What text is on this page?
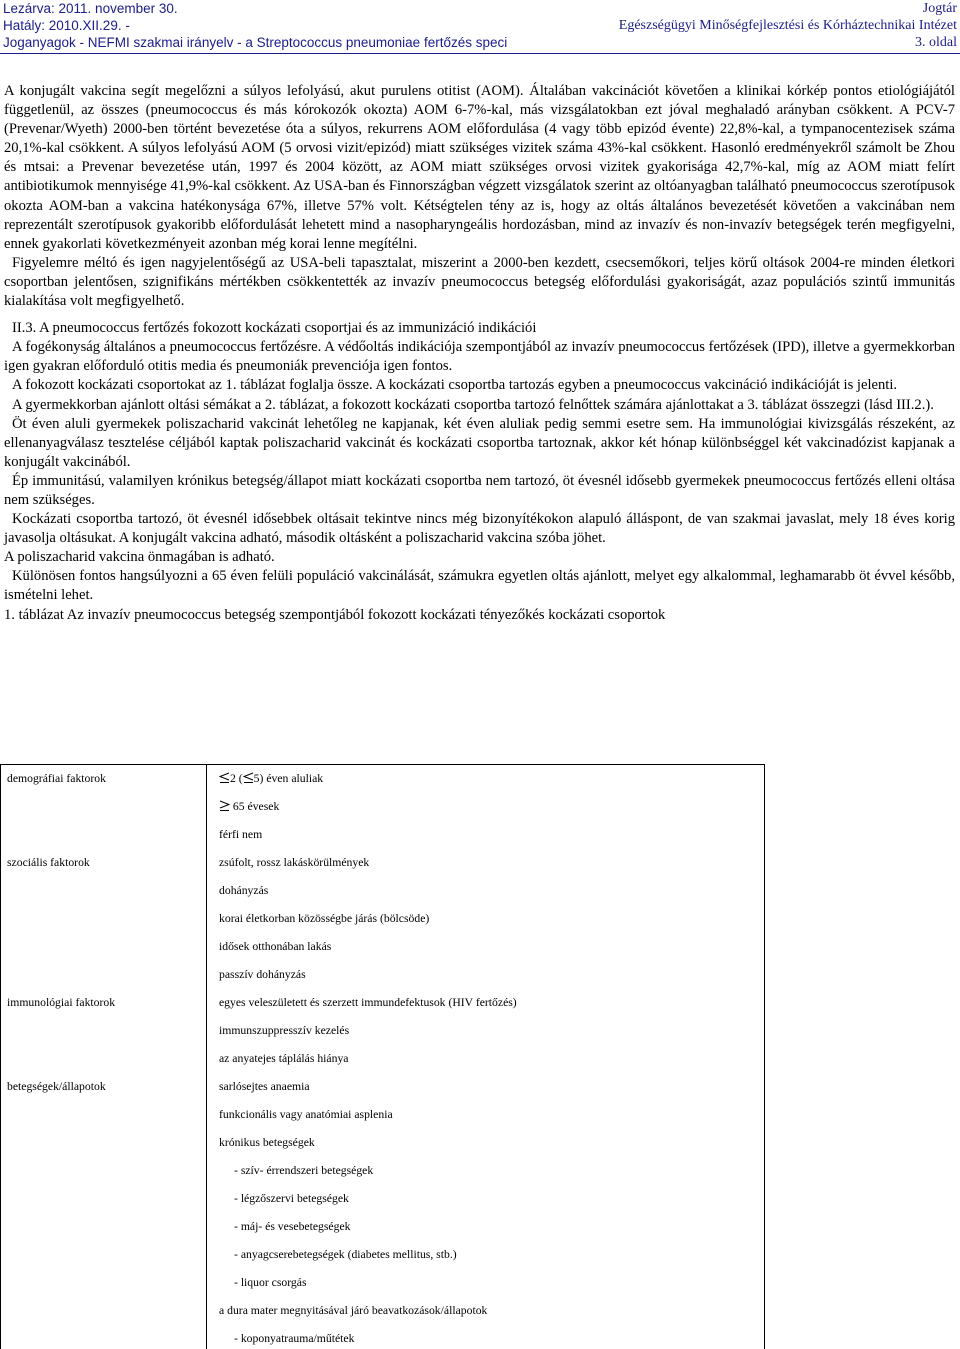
Lezárva: 2011. november 30.
Hatály: 2010.XII.29. -
Joganyagok - NEFMI szakmai irányelv - a Streptococcus pneumoniae fertőzés speci
Jogtár
Egészségügyi Minőségfejlesztési és Kórháztechnikai Intézet
3. oldal

A konjugált vakcina segít megelőzni a súlyos lefolyású, akut purulens otitist (AOM). Általában vakcinációt követően a klinikai kórkép pontos etiológiájától függetlenül, az összes (pneumococcus és más kórokozók okozta) AOM 6-7%-kal, más vizsgálatokban ezt jóval meghaladó arányban csökkent. A PCV-7 (Prevenar/Wyeth) 2000-ben történt bevezetése óta a súlyos, rekurrens AOM előfordulása (4 vagy több epizód évente) 22,8%-kal, a tympanocentezisek száma 20,1%-kal csökkent. A súlyos lefolyású AOM (5 orvosi vizit/epizód) miatt szükséges vizitek száma 43%-kal csökkent. Hasonló eredményekről számolt be Zhou és mtsai: a Prevenar bevezetése után, 1997 és 2004 között, az AOM miatt szükséges orvosi vizitek gyakorisága 42,7%-kal, míg az AOM miatt felírt antibiotikumok mennyisége 41,9%-kal csökkent. Az USA-ban és Finnországban végzett vizsgálatok szerint az oltóanyagban található pneumococcus szerotípusok okozta AOM-ban a vakcina hatékonysága 67%, illetve 57% volt. Kétségtelen tény az is, hogy az oltás általános bevezetését követően a vakcinában nem reprezentált szerotípusok gyakoribb előfordulását lehetett mind a nasopharyngeális hordozásban, mind az invazív és non-invazív betegségek terén megfigyelni, ennek gyakorlati következményeit azonban még korai lenne megítélni.

Figyelemre méltó és igen nagyjelentőségű az USA-beli tapasztalat, miszerint a 2000-ben kezdett, csecsemőkori, teljes körű oltások 2004-re minden életkori csoportban jelentősen, szignifikáns mértékben csökkentették az invazív pneumococcus betegség előfordulási gyakoriságát, azaz populációs szintű immunitás kialakítása volt megfigyelhető.

II.3. A pneumococcus fertőzés fokozott kockázati csoportjai és az immunizáció indikációi

A fogékonyság általános a pneumococcus fertőzésre. A védőoltás indikációja szempontjából az invazív pneumococcus fertőzések (IPD), illetve a gyermekkorban igen gyakran előforduló otitis media és pneumoniák prevenciója igen fontos.

A fokozott kockázati csoportokat az 1. táblázat foglalja össze. A kockázati csoportba tartozás egyben a pneumococcus vakcináció indikációját is jelenti.

A gyermekkorban ajánlott oltási sémákat a 2. táblázat, a fokozott kockázati csoportba tartozó felnőttek számára ajánlottakat a 3. táblázat összegzi (lásd III.2.).

Öt éven aluli gyermekek poliszacharid vakcinát lehetőleg ne kapjanak, két éven aluliak pedig semmi esetre sem. Ha immunológiai kivizsgálás részeként, az ellenanyagválasz tesztelése céljából kaptak poliszacharid vakcinát és kockázati csoportba tartoznak, akkor két hónap különbséggel két vakcinadózist kapjanak a konjugált vakcinából.

Ép immunitású, valamilyen krónikus betegség/állapot miatt kockázati csoportba nem tartozó, öt évesnél idősebb gyermekek pneumococcus fertőzés elleni oltása nem szükséges.

Kockázati csoportba tartozó, öt évesnél idősebbek oltásait tekintve nincs még bizonyítékokon alapuló álláspont, de van szakmai javaslat, mely 18 éves korig javasolja oltásukat. A konjugált vakcina adható, második oltásként a poliszacharid vakcina szóba jöhet.

A poliszacharid vakcina önmagában is adható.

Különösen fontos hangsúlyozni a 65 éven felüli populáció vakcinálását, számukra egyetlen oltás ajánlott, melyet egy alkalommal, leghamarabb öt évvel később, ismételni lehet.

1. táblázat Az invazív pneumococcus betegség szempontjából fokozott kockázati tényezőkés kockázati csoportok

demográfiai faktorok	2 ( 5) éven aluliak
65 évesek
férfi nem
szociális faktorok	zsúfolt, rossz lakáskörülmények
dohányzás
korai életkorban közösségbe járás (bölcsöde)
idősek otthonában lakás
passzív dohányzás
immunológiai faktorok	egyes veleszületett és szerzett immundefektusok (HIV fertőzés)
immunszuppresszív kezelés
az anyatejes táplálás hiánya
betegségek/állapotok	sarlósejtes anaemia
funkcionális vagy anatómiai asplenia
krónikus betegségek
- szív- érrendszeri betegségek
- légzőszervi betegségek
- máj- és vesebetegségek
- anyagcserebetegségek (diabetes mellitus, stb.)
- liquor csorgás
a dura mater megnyitásával járó beavatkozások/állapotok
- koponyatrauma/műtétek
